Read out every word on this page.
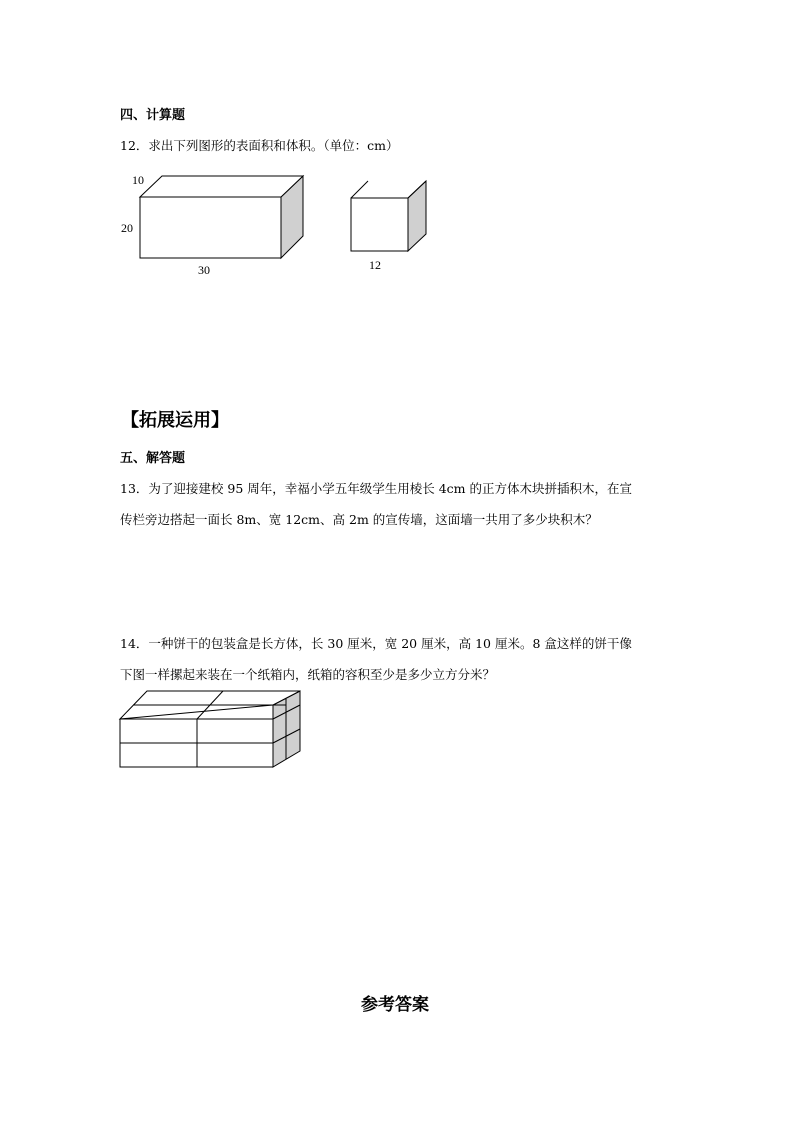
四、计算题
12．求出下列图形的表面积和体积。（单位：cm）
10
20
30	12
【拓展运用】
五、解答题
13．为了迎接建校 95 周年，幸福小学五年级学生用棱长 4cm 的正方体木块拼插积木，在宣
传栏旁边搭起一面长 8m、宽 12cm、高 2m 的宣传墙，这面墙一共用了多少块积木？
14．一种饼干的包装盒是长方体，长 30 厘米，宽 20 厘米，高 10 厘米。8 盒这样的饼干像
下图一样摞起来装在一个纸箱内，纸箱的容积至少是多少立方分米？
参考答案
